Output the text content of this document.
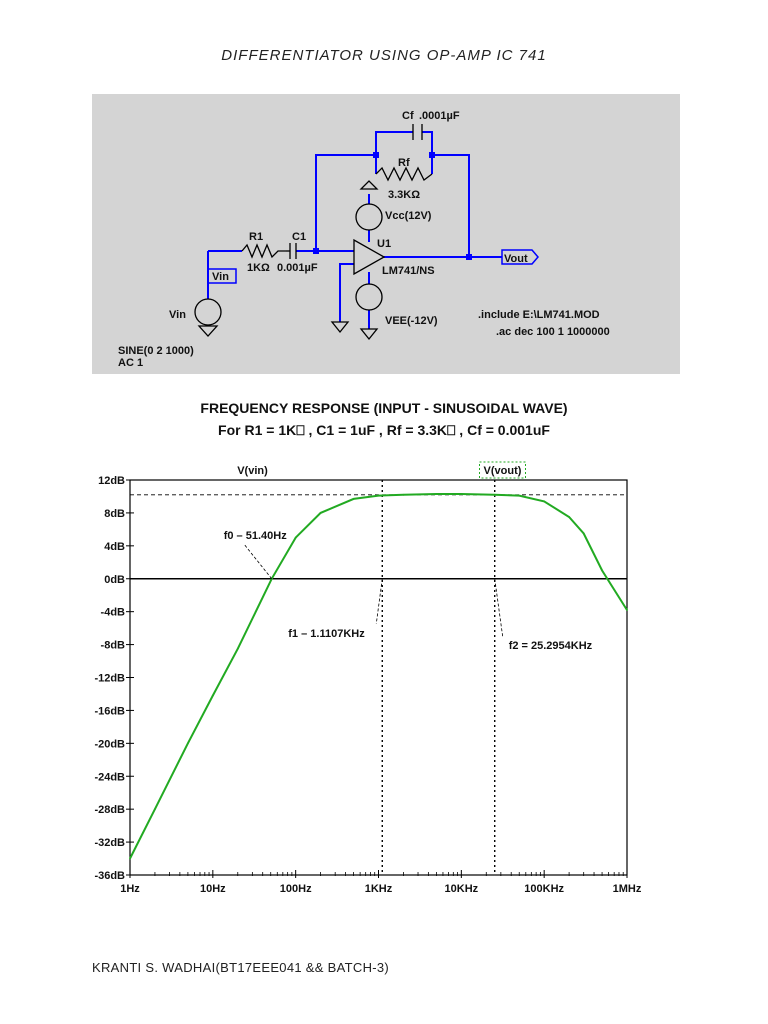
DIFFERENTIATOR USING OP-AMP IC 741
Cf .0001µF
Rf
3.3KΩ
Vcc(12V)
U1
R1
1KΩ
C1
0.001µF	LM741/NS
Vout
Vin
Vin	VEE(-12V)
SINE(0 2 1000)
AC 1
.include E:\LM741.MOD
.ac dec 100 1 1000000
FREQUENCY RESPONSE (INPUT - SINUSOIDAL WAVE)
For R1 = 1K⎕ , C1 = 1uF , Rf = 3.3K⎕ , Cf = 0.001uF
12dB
8dB
4dB
0dB
-4dB
-8dB
-12dB
-16dB
-20dB
-24dB
-28dB
-32dB
-36dB
1Hz	10Hz	100Hz	1KHz	10KHz	100KHz	1MHz
V(vin)	V(vout)
f0 – 51.40Hz
f1 – 1.1107KHz
f2 = 25.2954KHz
KRANTI S. WADHAI(BT17EEE041 && BATCH-3)
